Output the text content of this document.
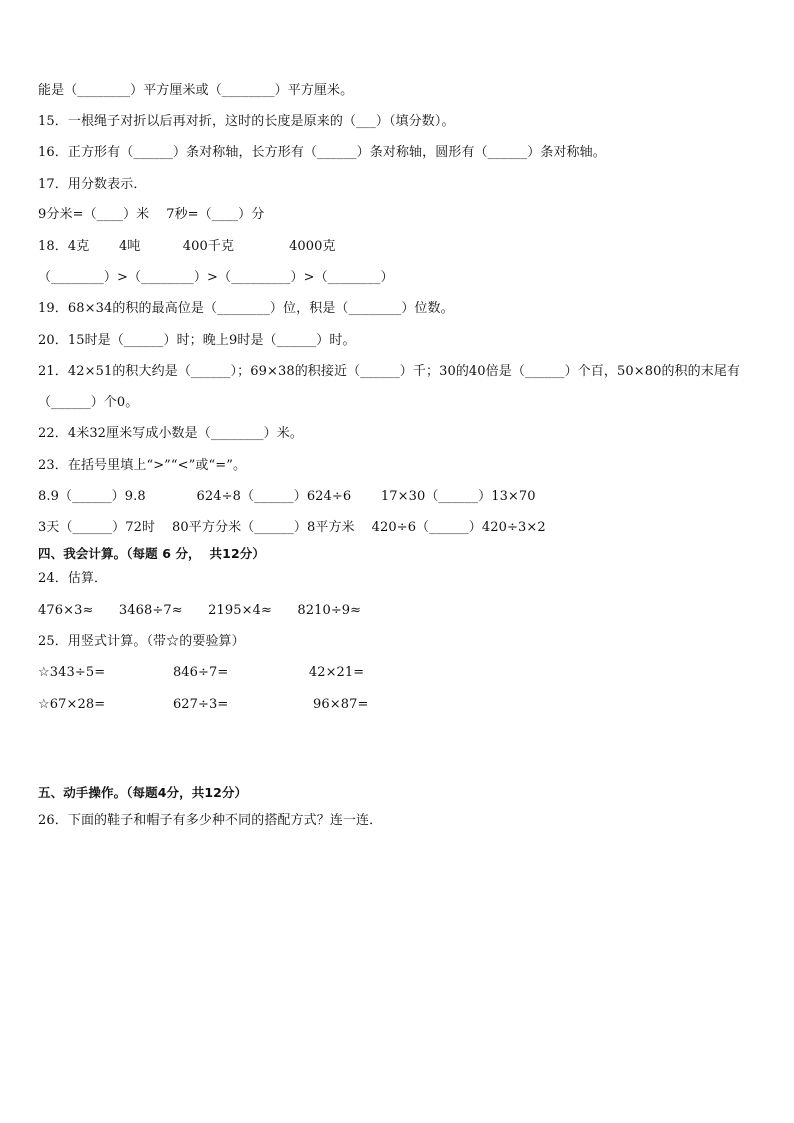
能是（________）平方厘米或（________）平方厘米。
15．一根绳子对折以后再对折，这时的长度是原来的（___）（填分数）。
16．正方形有（______）条对称轴，长方形有（______）条对称轴，圆形有（______）条对称轴。
17．用分数表示．
9分米=（____）米    7秒=（____）分
18．4克       4吨          400千克             4000克
（________）>（________）>（_________）>（________）
19．68×34的积的最高位是（________）位，积是（________）位数。
20．15时是（______）时；晚上9时是（______）时。
21．42×51的积大约是（______）；69×38的积接近（______）千；30的40倍是（______）个百，50×80的积的末尾有
（______）个0。
22．4米32厘米写成小数是（________）米。
23．在括号里填上“>”“<”或“=”。
8.9（______）9.8            624÷8（______）624÷6       17×30（______）13×70
3天（______）72时    80平方分米（______）8平方米    420÷6（______）420÷3×2
四、我会计算。（每题 6 分，  共12分）
24．估算．
476×3≈      3468÷7≈      2195×4≈      8210÷9≈
25．用竖式计算。（带☆的要验算）
☆343÷5=                846÷7=                   42×21=
☆67×28=                627÷3=                    96×87=
五、动手操作。（每题4分，共12分）
26．下面的鞋子和帽子有多少种不同的搭配方式？连一连．
